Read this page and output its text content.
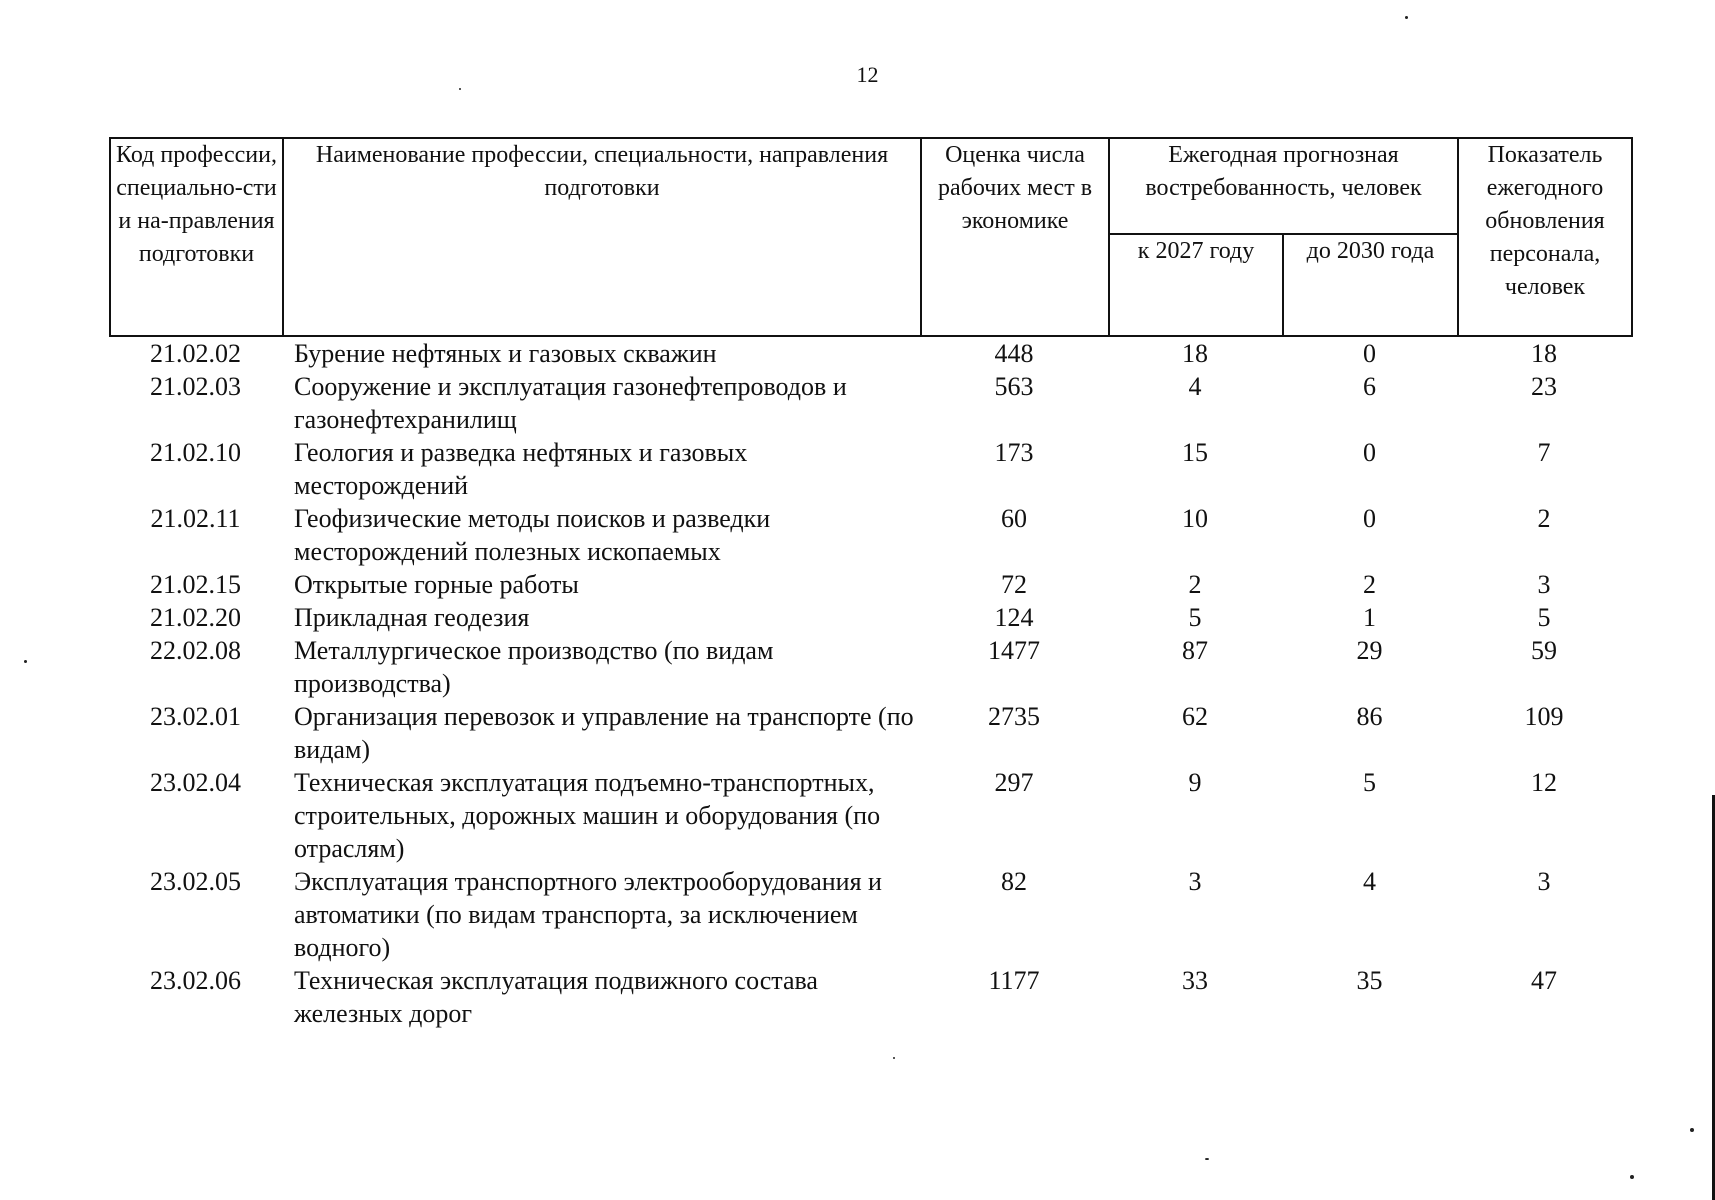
12
Код профессии, специально-сти и на-правления подготовки	Наименование профессии, специальности, направления подготовки	Оценка числа рабочих мест в экономике	Ежегодная прогнозная востребованность, человек		Показатель ежегодного обновления персонала, человек
			к 2027 году	до 2030 года	
21.02.02	Бурение нефтяных и газовых скважин	448	18	0	18
21.02.03	Сооружение и эксплуатация газонефтепроводов и газонефтехранилищ	563	4	6	23
21.02.10	Геология и разведка нефтяных и газовых месторождений	173	15	0	7
21.02.11	Геофизические методы поисков и разведки месторождений полезных ископаемых	60	10	0	2
21.02.15	Открытые горные работы	72	2	2	3
21.02.20	Прикладная геодезия	124	5	1	5
22.02.08	Металлургическое производство (по видам производства)	1477	87	29	59
23.02.01	Организация перевозок и управление на транспорте (по видам)	2735	62	86	109
23.02.04	Техническая эксплуатация подъемно-транспортных, строительных, дорожных машин и оборудования (по отраслям)	297	9	5	12
23.02.05	Эксплуатация транспортного электрооборудования и автоматики (по видам транспорта, за исключением водного)	82	3	4	3
23.02.06	Техническая эксплуатация подвижного состава железных дорог	1177	33	35	47
